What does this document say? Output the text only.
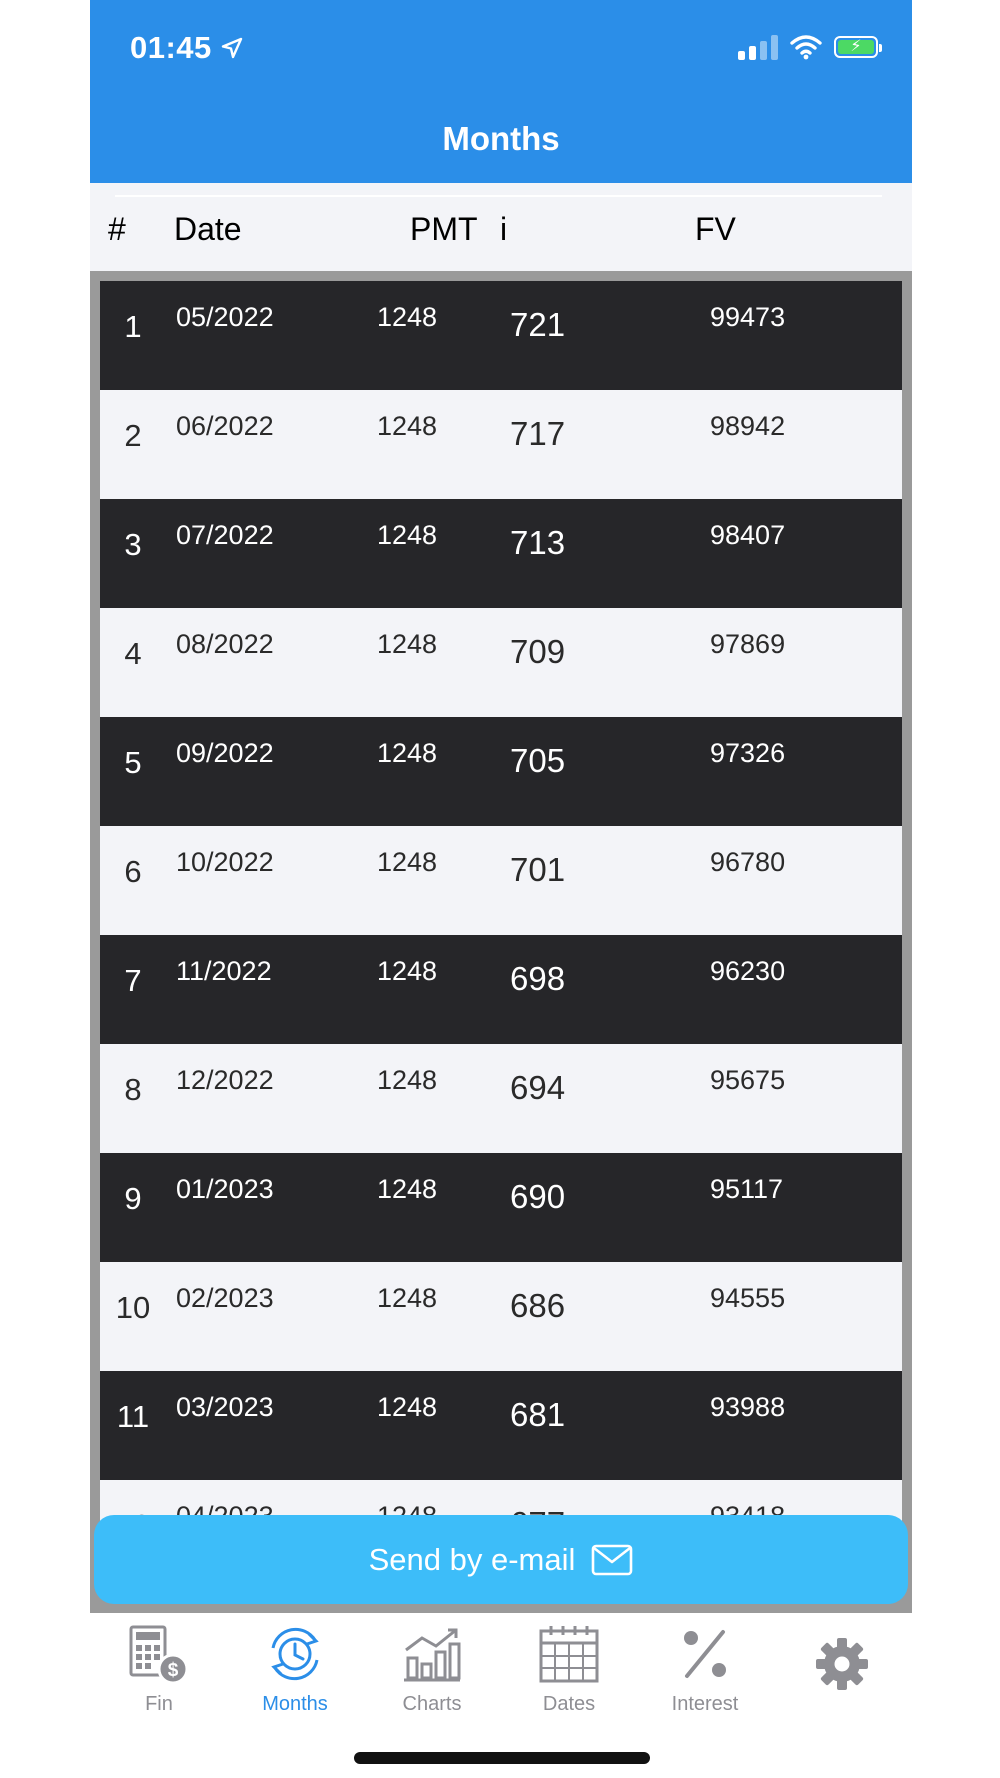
01:45	⚡
Months
# Date	PMT i	FV
1	05/2022	1248 721	99473
2	06/2022	1248 717	98942
3	07/2022	1248 713	98407
4	08/2022	1248 709	97869
5	09/2022	1248 705	97326
6	10/2022	1248 701	96780
7	11/2022	1248 698	96230
8	12/2022	1248 694	95675
9	01/2023	1248 690	95117
10 02/2023	1248 686	94555
11 03/2023	1248 681	93988
Send by e-mail
$
Fin	Months	Charts	Dates	Interest
